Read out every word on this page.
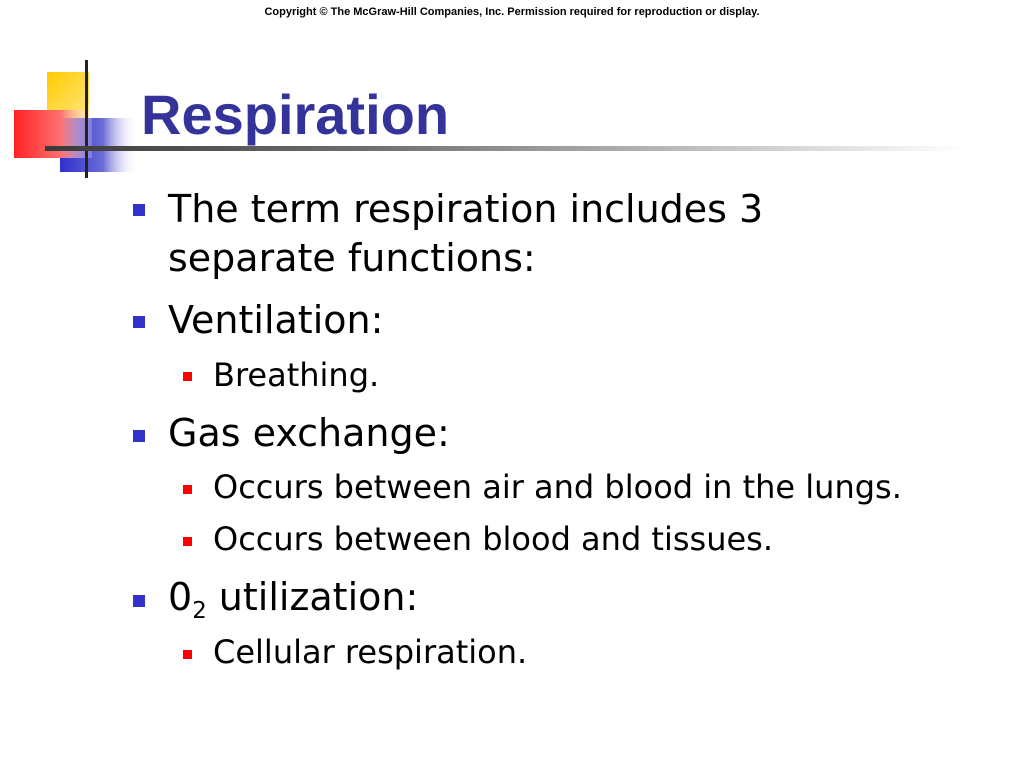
Copyright © The McGraw-Hill Companies, Inc. Permission required for reproduction or display.
Respiration
The term respiration includes 3
separate functions:
Ventilation:
Breathing.
Gas exchange:
Occurs between air and blood in the lungs.
Occurs between blood and tissues.
$0_2$ utilization:
Cellular respiration.
